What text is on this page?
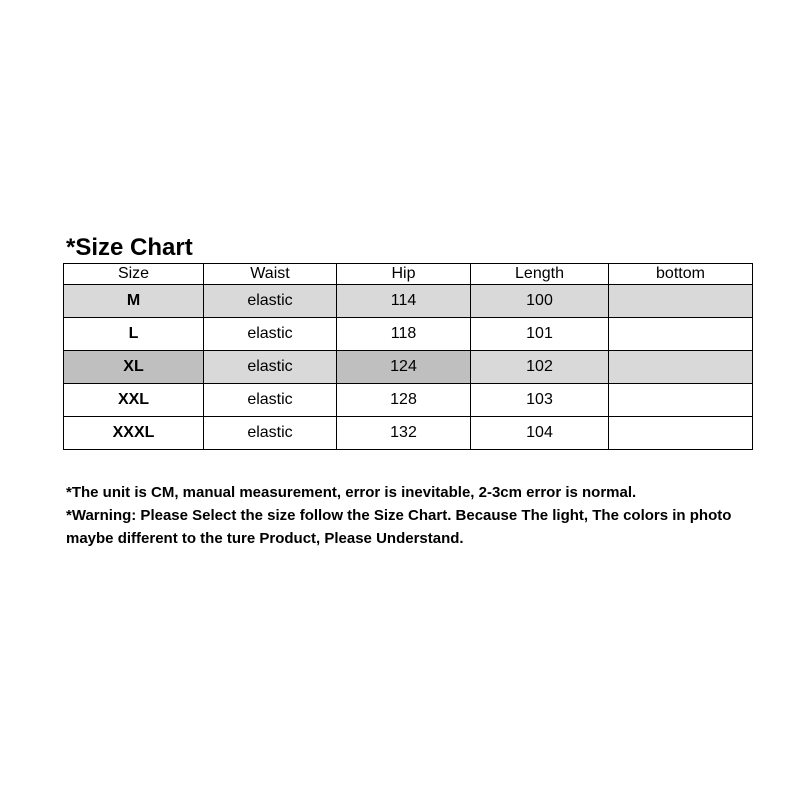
*Size Chart
Size	Waist	Hip	Length	bottom
M	elastic	114	100	
L	elastic	118	101	
XL	elastic	124	102	
XXL	elastic	128	103	
XXXL	elastic	132	104	

*The unit is CM, manual measurement, error is inevitable, 2-3cm error is normal.

*Warning: Please Select the size follow the Size Chart. Because The light, The colors in photo maybe different to the ture Product, Please Understand.
